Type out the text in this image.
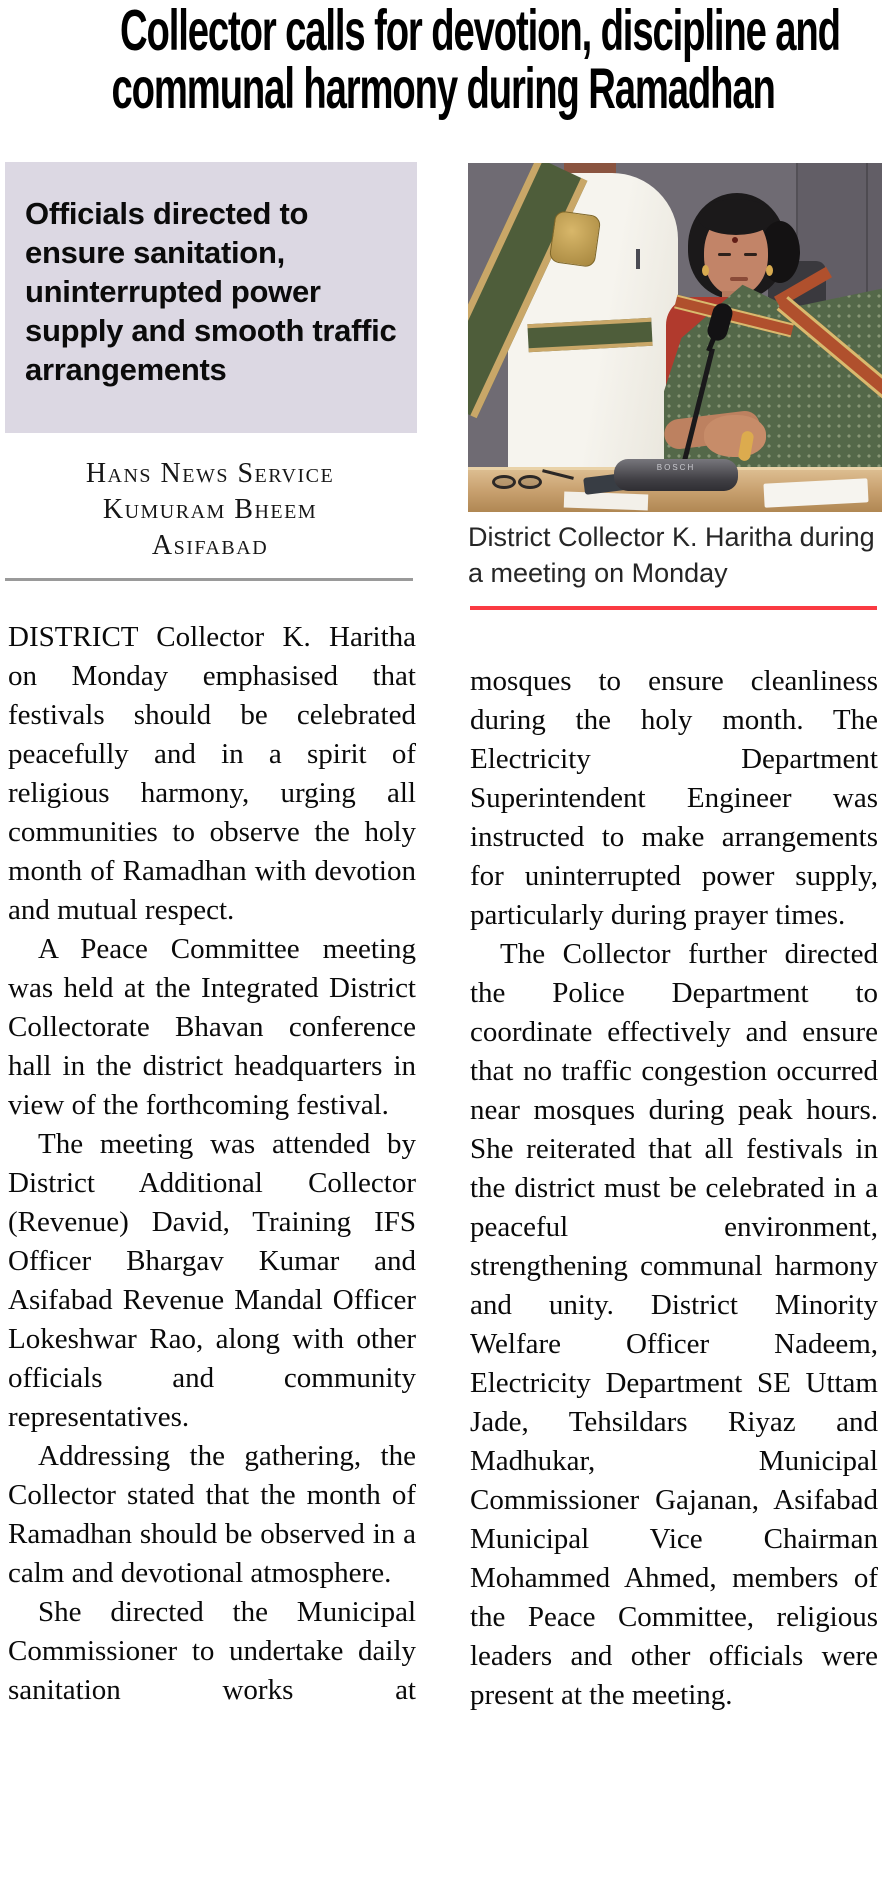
Collector calls for devotion, discipline and
communal harmony during Ramadhan
Officials directed to ensure sanitation, uninterrupted power supply and smooth traffic arrangements
BOSCH
Hans News Service
Kumuram Bheem
Asifabad	District Collector K. Haritha during a meeting on Monday

DISTRICT Collector K. Haritha on Monday emphasised that festivals should be celebrated peacefully and in a spirit of religious harmony, urging all communities to observe the holy month of Ramadhan with devotion and mutual respect.

A Peace Committee meeting was held at the Integrated District Collectorate Bhavan conference hall in the district headquarters in view of the forthcoming festival.

The meeting was attended by District Additional Collector (Revenue) David, Training IFS Officer Bhargav Kumar and Asifabad Revenue Mandal Officer Lokeshwar Rao, along with other officials and community representatives.

Addressing the gathering, the Collector stated that the month of Ramadhan should be observed in a calm and devotional atmosphere.

She directed the Municipal Commissioner to undertake daily sanitation works at

mosques to ensure cleanliness during the holy month. The Electricity Department Superintendent Engineer was instructed to make arrangements for uninterrupted power supply, particularly during prayer times.

The Collector further directed the Police Department to coordinate effectively and ensure that no traffic congestion occurred near mosques during peak hours. She reiterated that all festivals in the district must be celebrated in a peaceful environment, strengthening communal harmony and unity. District Minority Welfare Officer Nadeem, Electricity Department SE Uttam Jade, Tehsildars Riyaz and Madhukar, Municipal Commissioner Gajanan, Asifabad Municipal Vice Chairman Mohammed Ahmed, members of the Peace Committee, religious leaders and other officials were present at the meeting.
